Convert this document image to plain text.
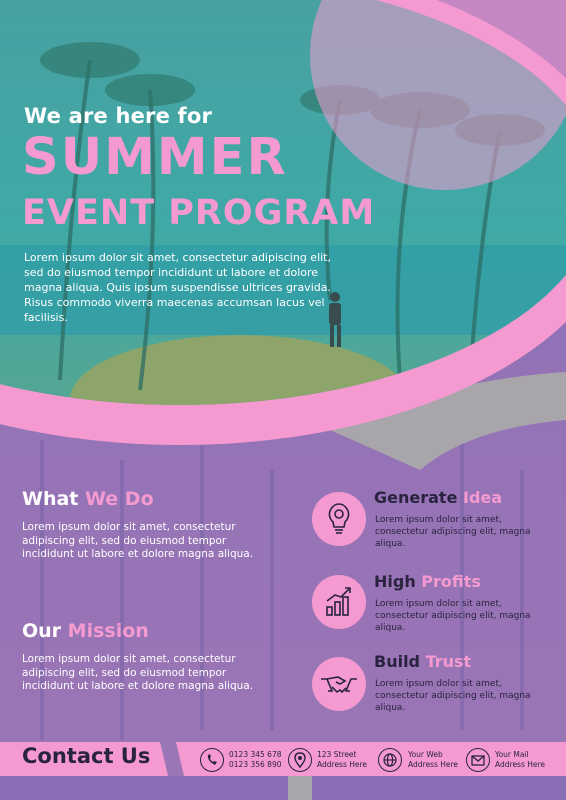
We are here for
SUMMER
EVENT PROGRAM
Lorem ipsum dolor sit amet, consectetur adipiscing elit, sed do eiusmod tempor incididunt ut labore et dolore magna aliqua. Quis ipsum suspendisse ultrices gravida. Risus commodo viverra maecenas accumsan lacus vel facilisis.
What We Do
Lorem ipsum dolor sit amet, consectetur adipiscing elit, sed do eiusmod tempor incididunt ut labore et dolore magna aliqua.
Our Mission
Lorem ipsum dolor sit amet, consectetur adipiscing elit, sed do eiusmod tempor incididunt ut labore et dolore magna aliqua.
Generate Idea
Lorem ipsum dolor sit amet, consectetur adipiscing elit, magna aliqua.
High Profits
Lorem ipsum dolor sit amet, consectetur adipiscing elit, magna aliqua.
Build Trust
Lorem ipsum dolor sit amet, consectetur adipiscing elit, magna aliqua.
Contact Us	0123 345 678
0123 356 890
123 Street
Address Here
Your Web
Address Here
Your Mail
Address Here
